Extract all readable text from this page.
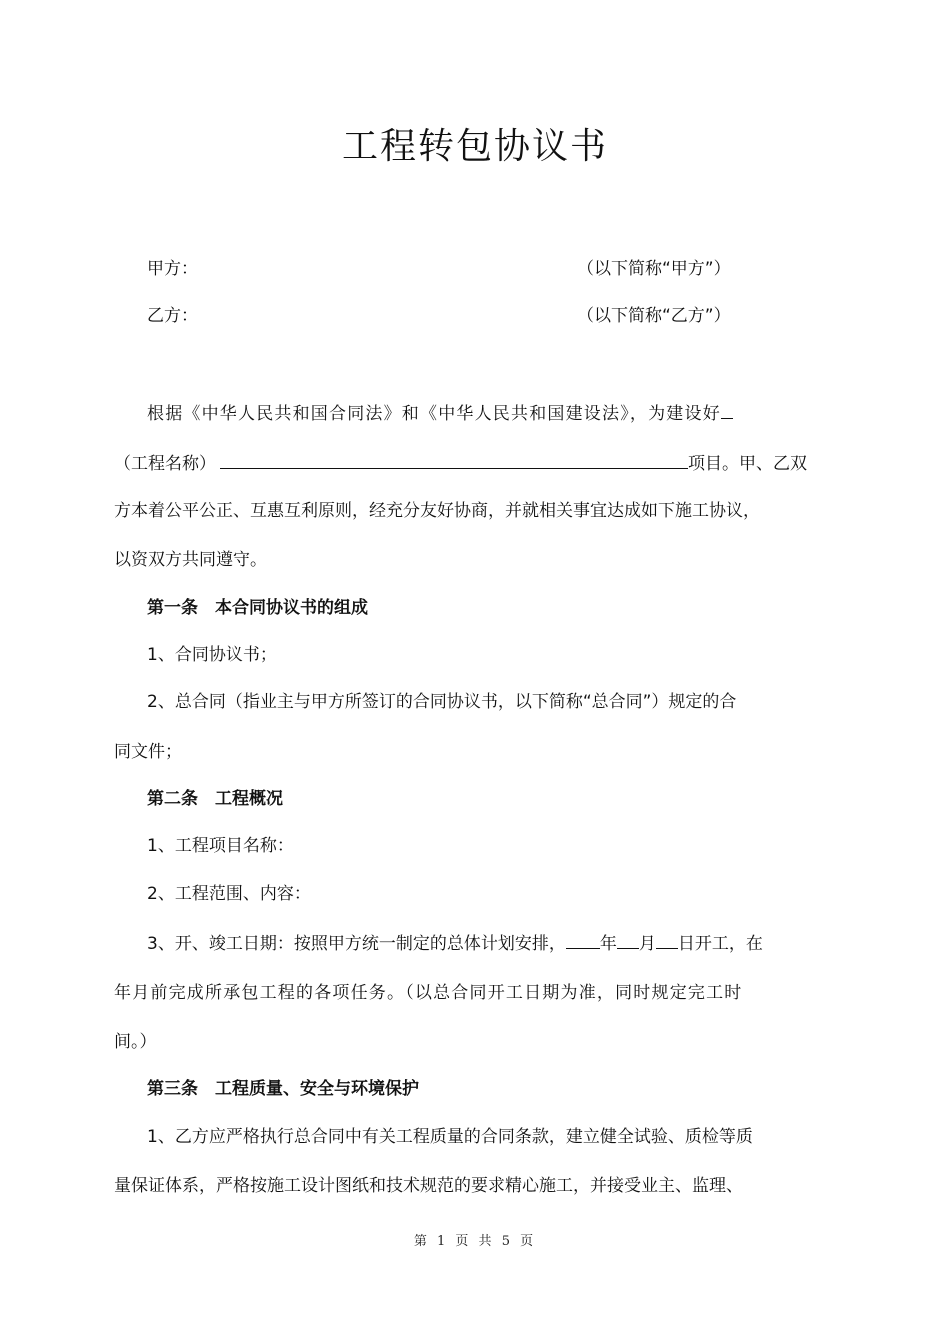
工程转包协议书
甲方：	（以下简称“甲方”）
乙方：	（以下简称“乙方”）
根据《中华人民共和国合同法》和《中华人民共和国建设法》，为建设好
（工程名称）	项目。甲、乙双
方本着公平公正、互惠互利原则，经充分友好协商，并就相关事宜达成如下施工协议，
以资双方共同遵守。
第一条　本合同协议书的组成
1、合同协议书；
2、总合同（指业主与甲方所签订的合同协议书，以下简称“总合同”）规定的合
同文件；
第二条　工程概况
1、工程项目名称：
2、工程范围、内容：
3、开、竣工日期：按照甲方统一制定的总体计划安排， 年 月 日开工，在
年月前完成所承包工程的各项任务。（以总合同开工日期为准，同时规定完工时
间。）
第三条　工程质量、安全与环境保护
1、乙方应严格执行总合同中有关工程质量的合同条款，建立健全试验、质检等质
量保证体系，严格按施工设计图纸和技术规范的要求精心施工，并接受业主、监理、
第 1 页 共 5 页
